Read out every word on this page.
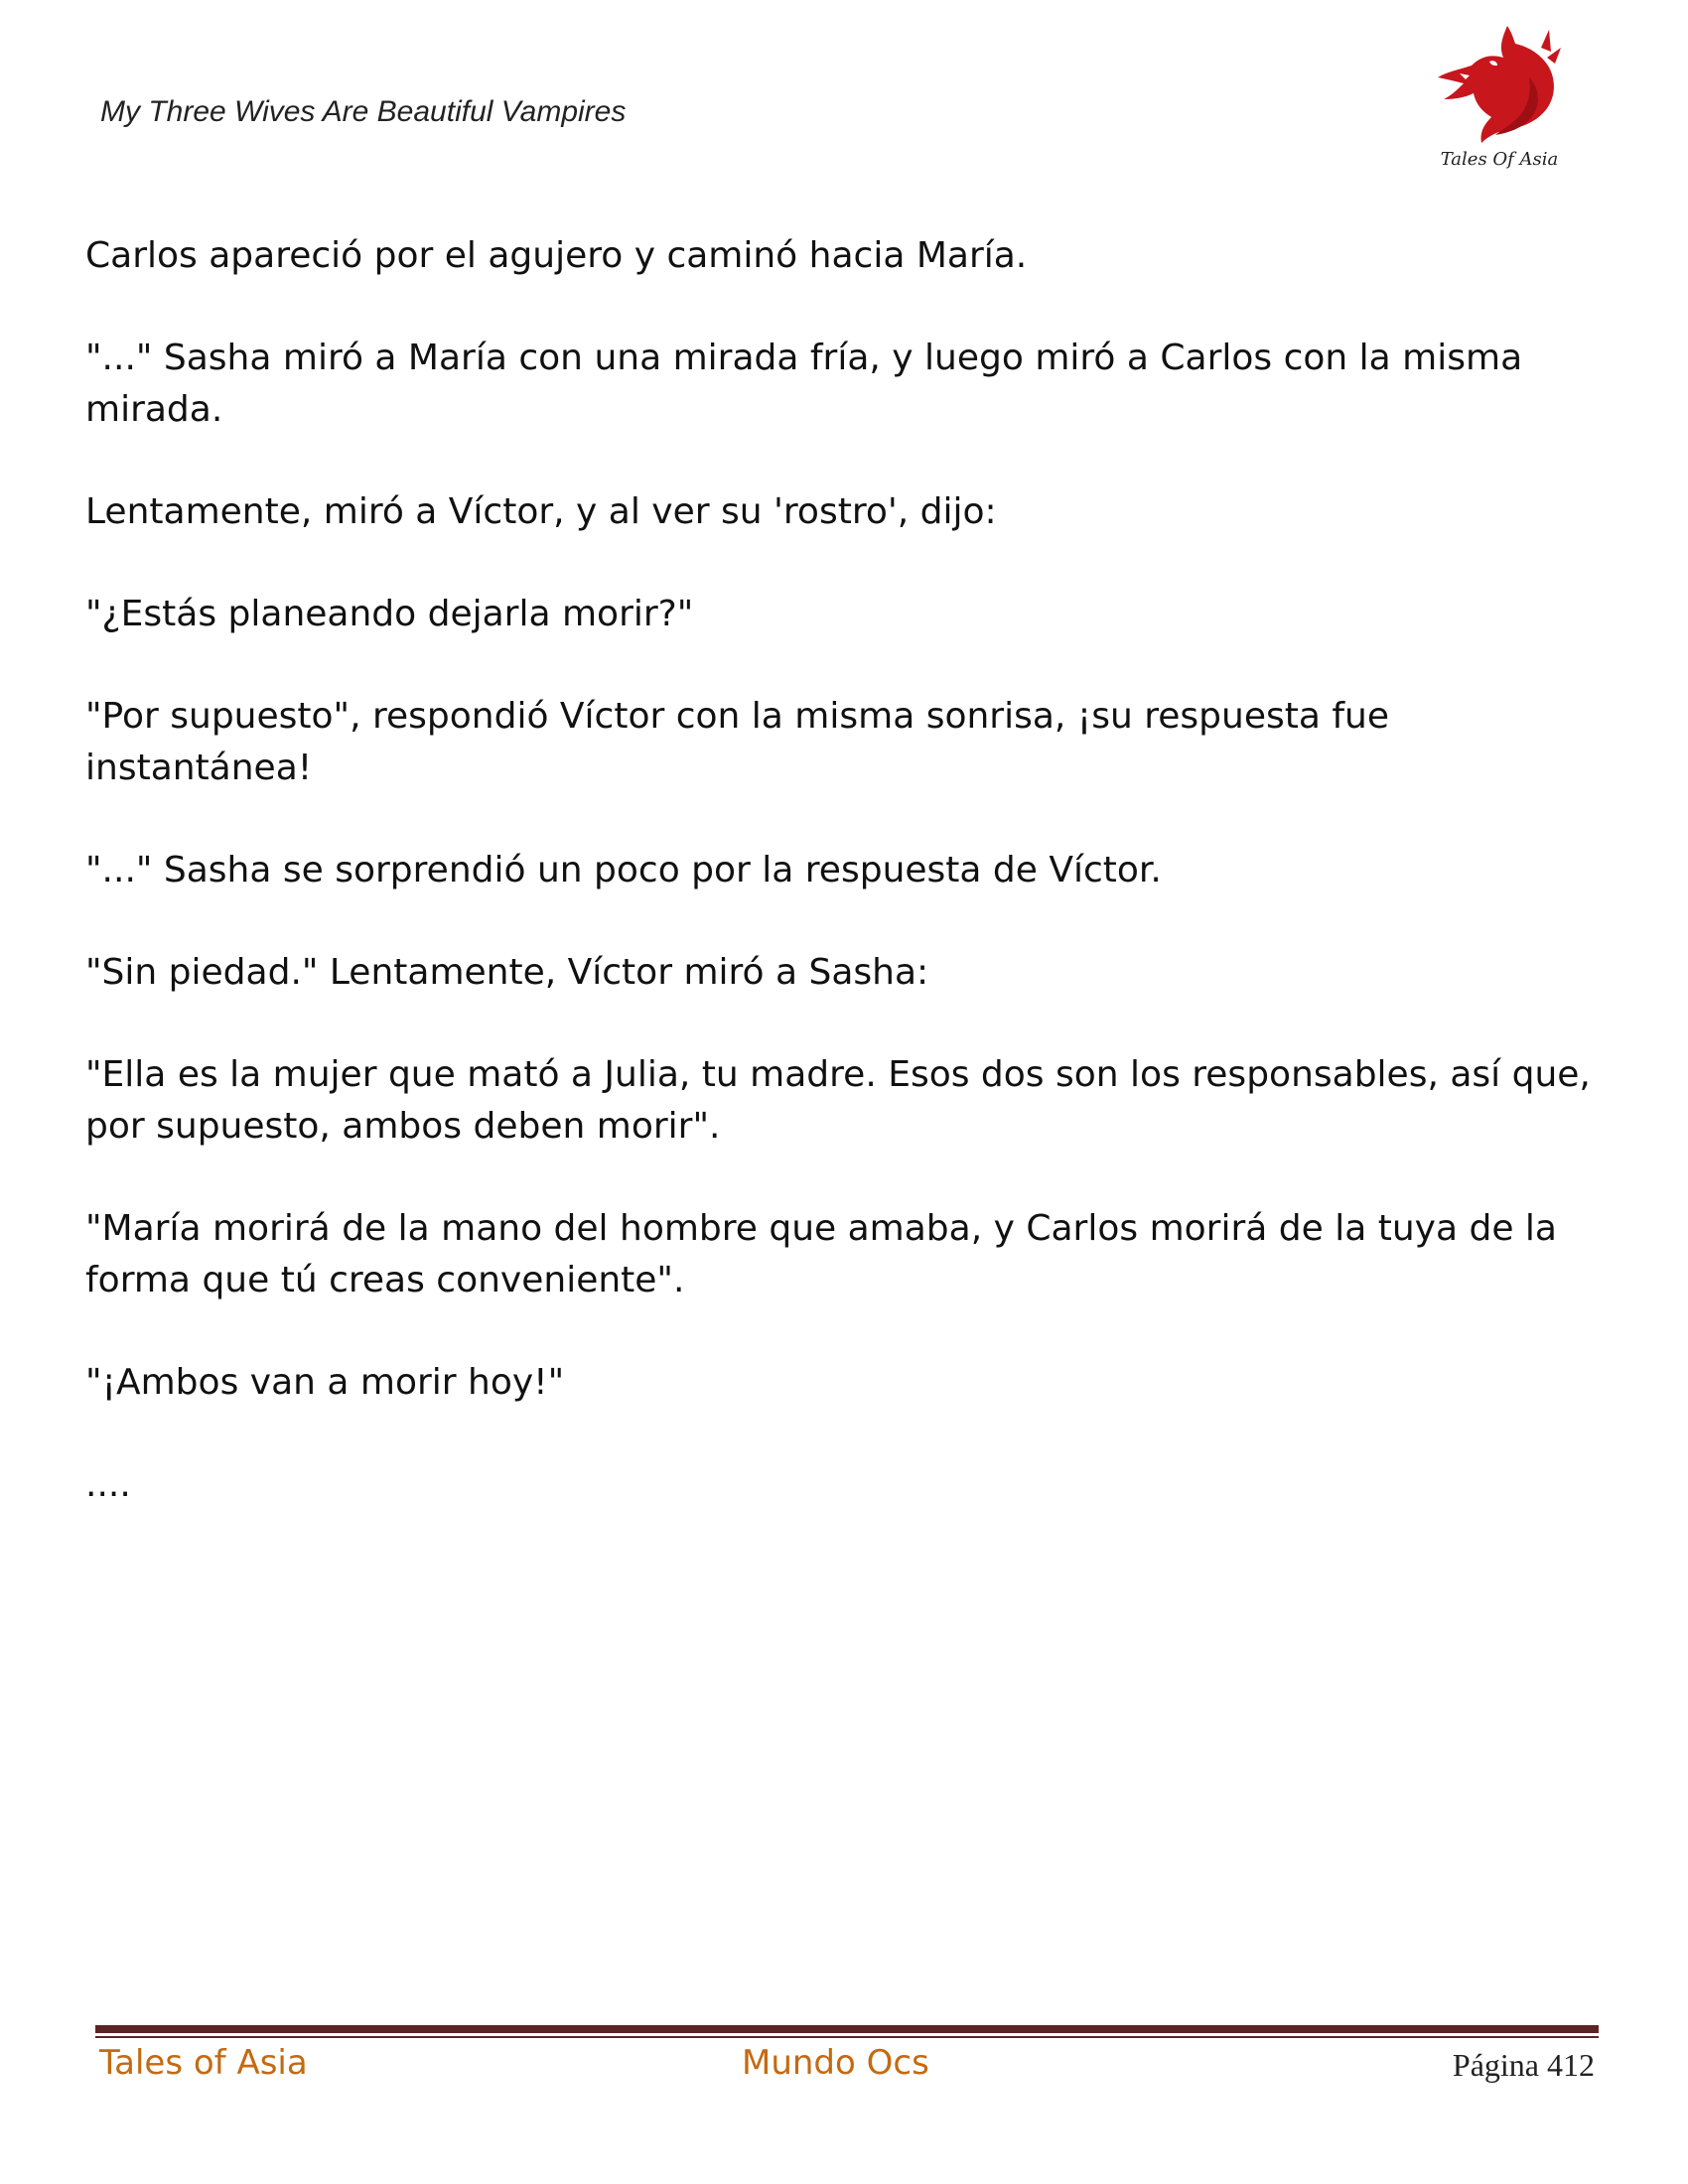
My Three Wives Are Beautiful Vampires
Tales Of Asia

Carlos apareció por el agujero y caminó hacia María.

"..." Sasha miró a María con una mirada fría, y luego miró a Carlos con la misma mirada.

Lentamente, miró a Víctor, y al ver su 'rostro', dijo:

"¿Estás planeando dejarla morir?"

"Por supuesto", respondió Víctor con la misma sonrisa, ¡su respuesta fue instantánea!

"..." Sasha se sorprendió un poco por la respuesta de Víctor.

"Sin piedad." Lentamente, Víctor miró a Sasha:

"Ella es la mujer que mató a Julia, tu madre. Esos dos son los responsables, así que, por supuesto, ambos deben morir".

"María morirá de la mano del hombre que amaba, y Carlos morirá de la tuya de la forma que tú creas conveniente".

"¡Ambos van a morir hoy!"

....

Tales of Asia	Mundo Ocs	Página 412
